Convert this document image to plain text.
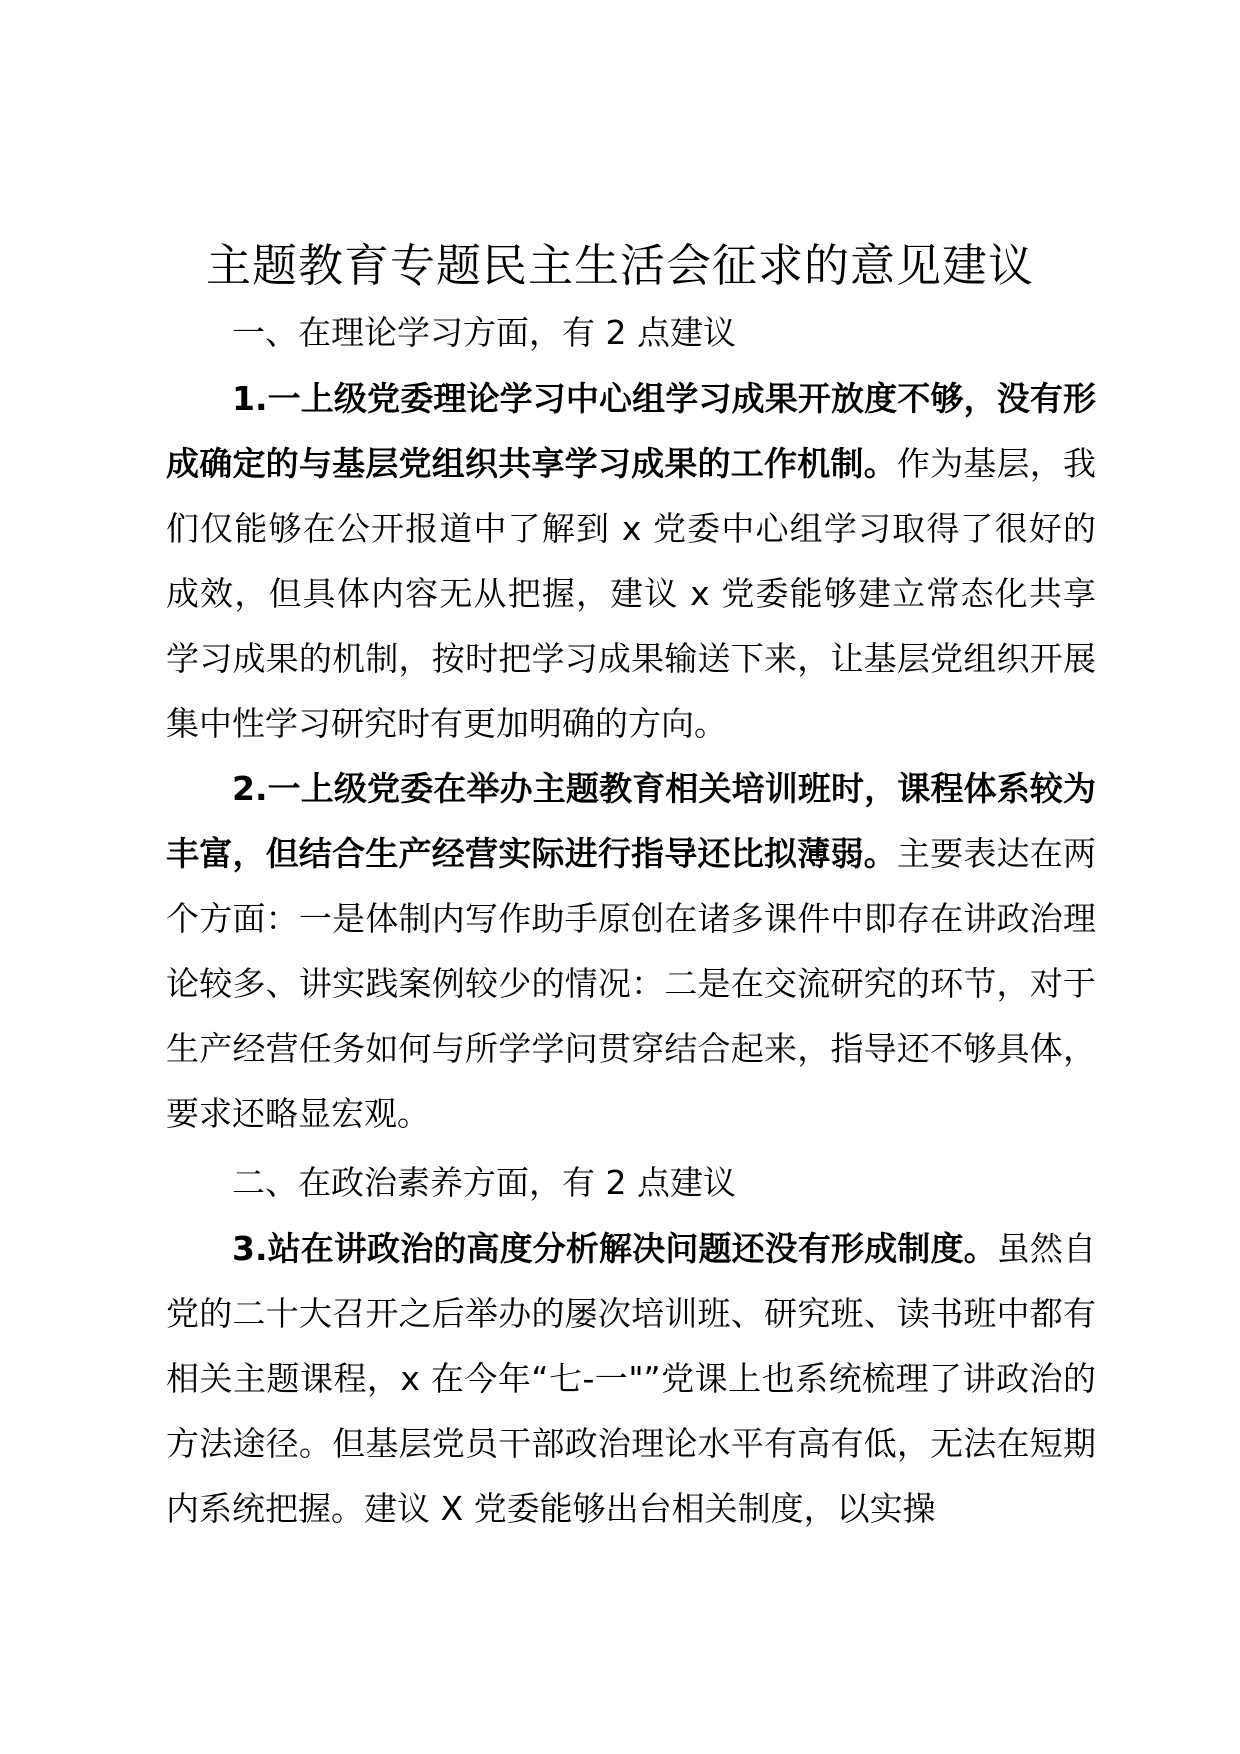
主题教育专题民主生活会征求的意见建议

一、在理论学习方面，有 2 点建议

1.一上级党委理论学习中心组学习成果开放度不够，没有形成确定的与基层党组织共享学习成果的工作机制。作为基层，我们仅能够在公开报道中了解到 x 党委中心组学习取得了很好的成效，但具体内容无从把握，建议 x 党委能够建立常态化共享学习成果的机制，按时把学习成果输送下来，让基层党组织开展集中性学习研究时有更加明确的方向。

2.一上级党委在举办主题教育相关培训班时，课程体系较为丰富，但结合生产经营实际进行指导还比拟薄弱。主要表达在两个方面：一是体制内写作助手原创在诸多课件中即存在讲政治理论较多、讲实践案例较少的情况：二是在交流研究的环节，对于生产经营任务如何与所学学问贯穿结合起来，指导还不够具体，要求还略显宏观。

二、在政治素养方面，有 2 点建议

3.站在讲政治的高度分析解决问题还没有形成制度。虽然自党的二十大召开之后举办的屡次培训班、研究班、读书班中都有相关主题课程，x 在今年“七-一"”党课上也系统梳理了讲政治的方法途径。但基层党员干部政治理论水平有高有低，无法在短期内系统把握。建议 X 党委能够出台相关制度，以实操
